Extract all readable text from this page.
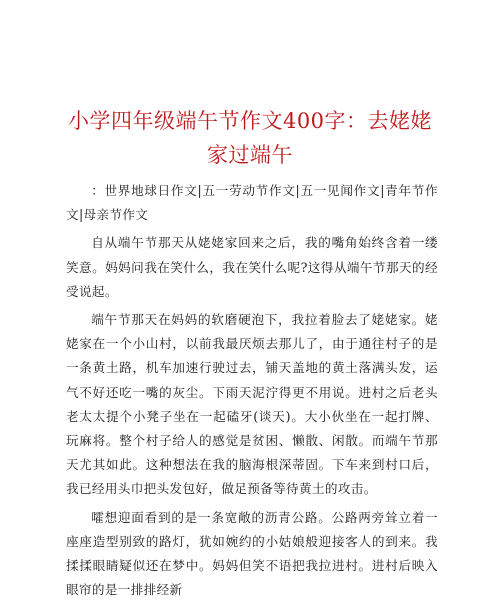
小学四年级端午节作文400字：去姥姥家过端午

：世界地球日作文|五一劳动节作文|五一见闻作文|青年节作文|母亲节作文

自从端午节那天从姥姥家回来之后，我的嘴角始终含着一缕笑意。妈妈问我在笑什么，我在笑什么呢?这得从端午节那天的经受说起。

端午节那天在妈妈的软磨硬泡下，我拉着脸去了姥姥家。姥姥家在一个小山村，以前我最厌烦去那儿了，由于通往村子的是一条黄土路，机车加速行驶过去，铺天盖地的黄土落满头发，运气不好还吃一嘴的灰尘。下雨天泥泞得更不用说。进村之后老头老太太提个小凳子坐在一起磕牙(谈天)。大小伙坐在一起打牌、玩麻将。整个村子给人的感觉是贫困、懒散、闲散。而端午节那天尤其如此。这种想法在我的脑海根深蒂固。下车来到村口后，我已经用头巾把头发包好，做足预备等待黄土的攻击。

嚯想迎面看到的是一条宽敞的沥青公路。公路两旁耸立着一座座造型别致的路灯，犹如婉约的小姑娘般迎接客人的到来。我揉揉眼睛疑似还在梦中。妈妈但笑不语把我拉进村。进村后映入眼帘的是一排排经新
